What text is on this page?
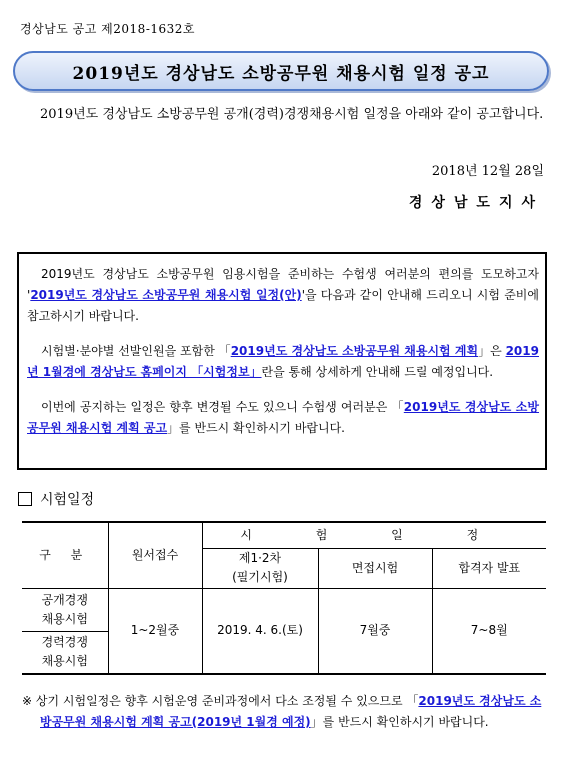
경상남도 공고 제2018-1632호
2019년도 경상남도 소방공무원 채용시험 일정 공고
2019년도 경상남도 소방공무원 공개(경력)경쟁채용시험 일정을 아래와 같이 공고합니다.
2018년 12월 28일
경상남도지사

2019년도 경상남도 소방공무원 임용시험을 준비하는 수험생 여러분의 편의를 도모하고자 '2019년도 경상남도 소방공무원 채용시험 일정(안)'을 다음과 같이 안내해 드리오니 시험 준비에 참고하시기 바랍니다.

시험별·분야별 선발인원을 포함한 「2019년도 경상남도 소방공무원 채용시험 계획」은 2019년 1월경에 경상남도 홈페이지 「시험정보」란을 통해 상세하게 안내해 드릴 예정입니다.

이번에 공지하는 일정은 향후 변경될 수도 있으니 수험생 여러분은 「2019년도 경상남도 소방공무원 채용시험 계획 공고」를 반드시 확인하시기 바랍니다.

시험일정
구 분	원서접수	시 험 일 정		
		제1·2차
(필기시험)	면접시험	합격자 발표
공개경쟁
채용시험	1~2월중	2019. 4. 6.(토)	7월중	7~8월
경력경쟁
채용시험				
※ 상기 시험일정은 향후 시험운영 준비과정에서 다소 조정될 수 있으므로 「2019년도 경상남도 소방공무원 채용시험 계획 공고(2019년 1월경 예정)」를 반드시 확인하시기 바랍니다.
